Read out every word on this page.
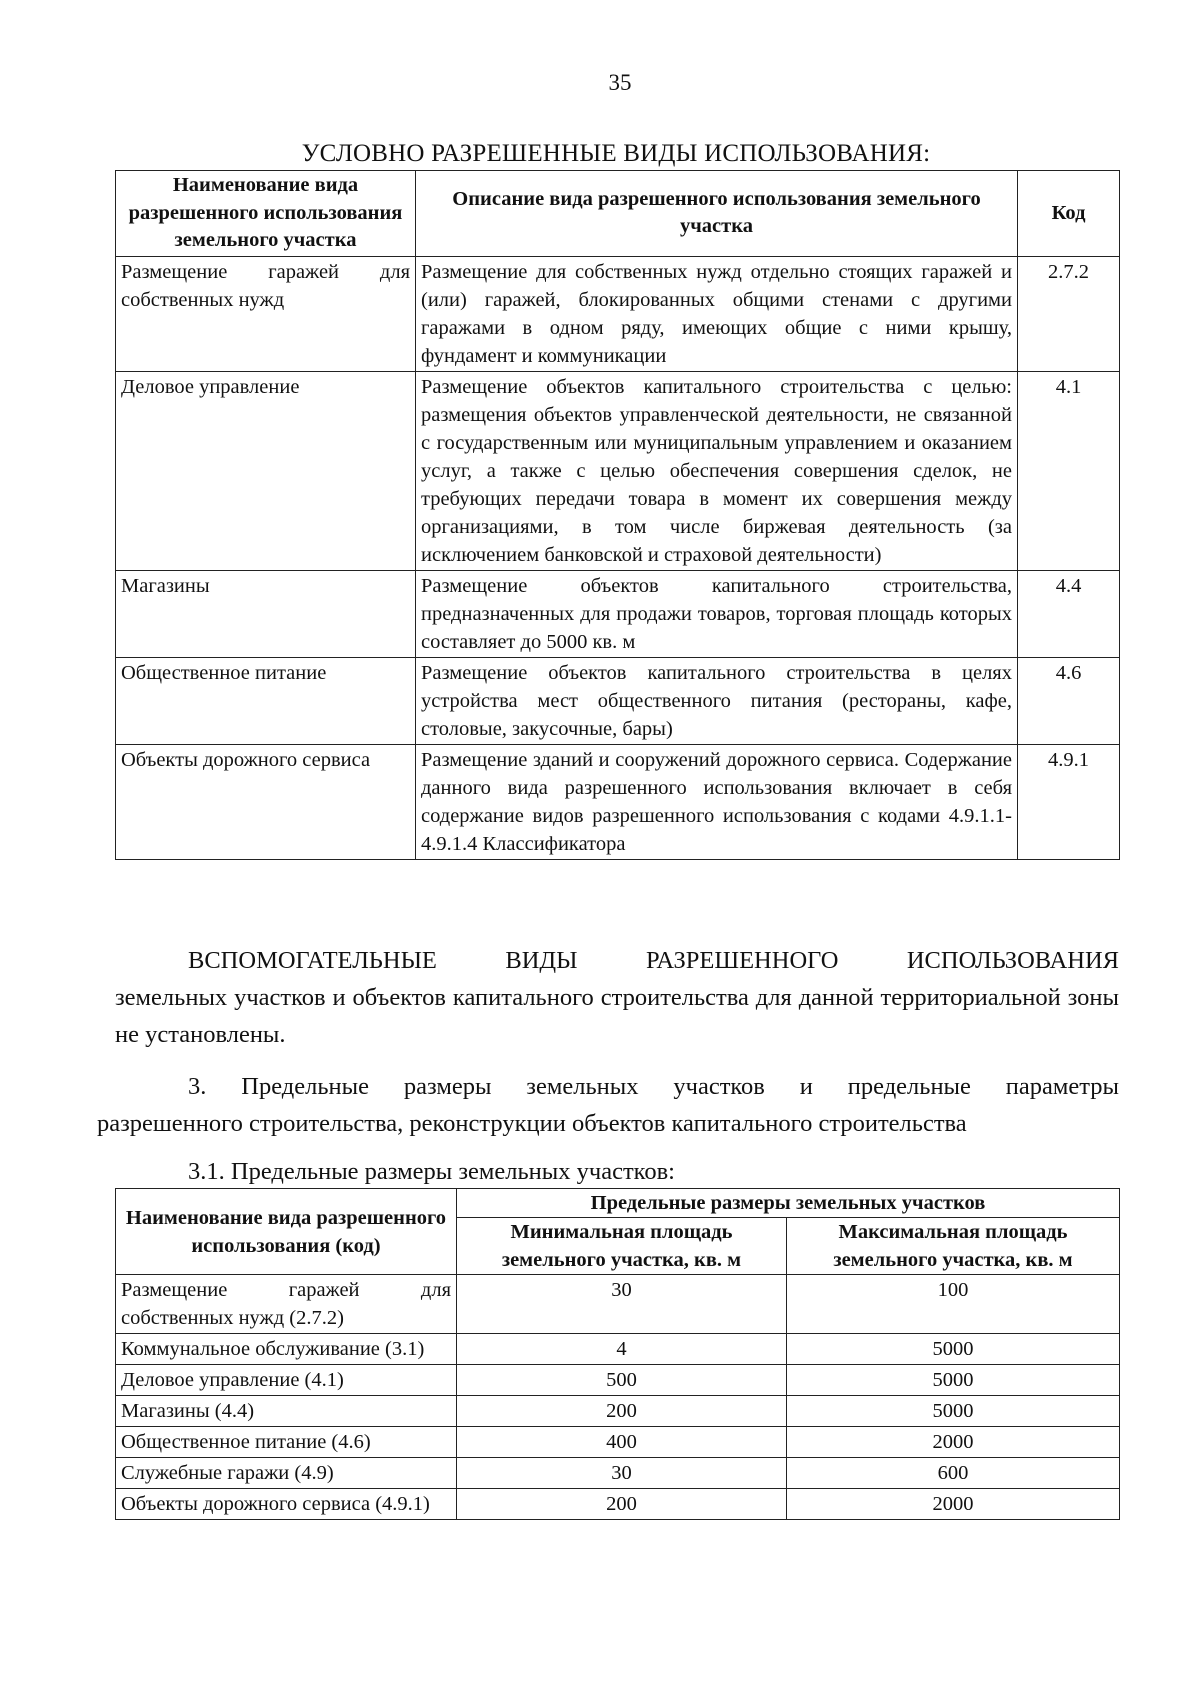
35
УСЛОВНО РАЗРЕШЕННЫЕ ВИДЫ ИСПОЛЬЗОВАНИЯ:
Наименование вида разрешенного использования земельного участка	Описание вида разрешенного использования земельного участка	Код
Размещение гаражей для собственных нужд	Размещение для собственных нужд отдельно стоящих гаражей и (или) гаражей, блокированных общими стенами с другими гаражами в одном ряду, имеющих общие с ними крышу, фундамент и коммуникации	2.7.2
Деловое управление	Размещение объектов капитального строительства с целью: размещения объектов управленческой деятельности, не связанной с государственным или муниципальным управлением и оказанием услуг, а также с целью обеспечения совершения сделок, не требующих передачи товара в момент их совершения между организациями, в том числе биржевая деятельность (за исключением банковской и страховой деятельности)	4.1
Магазины	Размещение объектов капитального строительства, предназначенных для продажи товаров, торговая площадь которых составляет до 5000 кв. м	4.4
Общественное питание	Размещение объектов капитального строительства в целях устройства мест общественного питания (рестораны, кафе, столовые, закусочные, бары)	4.6
Объекты дорожного сервиса	Размещение зданий и сооружений дорожного сервиса. Содержание данного вида разрешенного использования включает в себя содержание видов разрешенного использования с кодами 4.9.1.1-4.9.1.4 Классификатора	4.9.1
ВСПОМОГАТЕЛЬНЫЕ ВИДЫ РАЗРЕШЕННОГО ИСПОЛЬЗОВАНИЯ
земельных участков и объектов капитального строительства для данной территориальной зоны не установлены.
3. Предельные размеры земельных участков и предельные параметры
разрешенного строительства, реконструкции объектов капитального строительства
3.1. Предельные размеры земельных участков:
Наименование вида разрешенного использования (код)	Предельные размеры земельных участков	
	Минимальная площадь земельного участка, кв. м	Максимальная площадь земельного участка, кв. м
Размещение гаражей для собственных нужд (2.7.2)	30	100
Коммунальное обслуживание (3.1)	4	5000
Деловое управление (4.1)	500	5000
Магазины (4.4)	200	5000
Общественное питание (4.6)	400	2000
Служебные гаражи (4.9)	30	600
Объекты дорожного сервиса (4.9.1)	200	2000
